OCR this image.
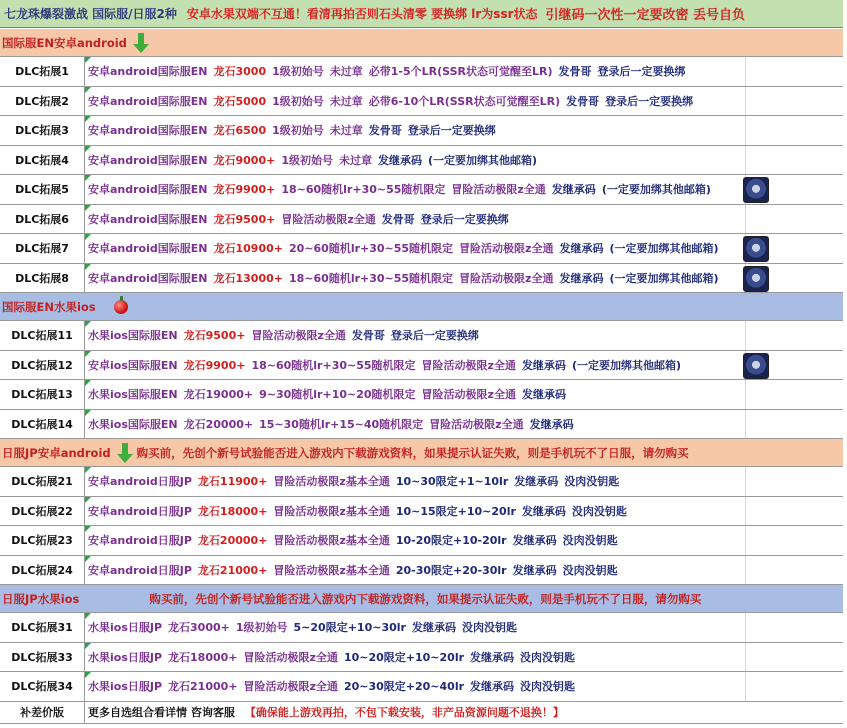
七龙珠爆裂激战 国际服/日服2种 安卓水果双端不互通！看清再拍否则石头清零 要换绑 lr为ssr状态 引继码一次性一定要改密 丢号自负
国际服EN安卓android
DLC拓展1	安卓android国际服EN 龙石3000 1级初始号 未过章 必带1-5个LR(SSR状态可觉醒至LR) 发骨哥 登录后一定要换绑
DLC拓展2	安卓android国际服EN 龙石5000 1级初始号 未过章 必带6-10个LR(SSR状态可觉醒至LR) 发骨哥 登录后一定要换绑
DLC拓展3	安卓android国际服EN 龙石6500 1级初始号 未过章 发骨哥 登录后一定要换绑
DLC拓展4	安卓android国际服EN 龙石9000+ 1级初始号 未过章 发继承码 (一定要加绑其他邮箱)
DLC拓展5	安卓android国际服EN 龙石9900+ 18~60随机lr+30~55随机限定 冒险活动极限z全通 发继承码 (一定要加绑其他邮箱)
DLC拓展6	安卓android国际服EN 龙石9500+ 冒险活动极限z全通 发骨哥 登录后一定要换绑
DLC拓展7	安卓android国际服EN 龙石10900+ 20~60随机lr+30~55随机限定 冒险活动极限z全通 发继承码 (一定要加绑其他邮箱)
DLC拓展8	安卓android国际服EN 龙石13000+ 18~60随机lr+30~55随机限定 冒险活动极限z全通 发继承码 (一定要加绑其他邮箱)
国际服EN水果ios
DLC拓展11	水果ios国际服EN 龙石9500+ 冒险活动极限z全通 发骨哥 登录后一定要换绑
DLC拓展12	安卓ios国际服EN 龙石9900+ 18~60随机lr+30~55随机限定 冒险活动极限z全通 发继承码 (一定要加绑其他邮箱)
DLC拓展13	水果ios国际服EN 龙石19000+ 9~30随机lr+10~20随机限定 冒险活动极限z全通 发继承码
DLC拓展14	水果ios国际服EN 龙石20000+ 15~30随机lr+15~40随机限定 冒险活动极限z全通 发继承码
日服JP安卓android 购买前，先创个新号试验能否进入游戏内下载游戏资料，如果提示认证失败，则是手机玩不了日服，请勿购买
DLC拓展21	安卓android日服JP 龙石11900+ 冒险活动极限z基本全通 10~30限定+1~10lr 发继承码 没肉没钥匙
DLC拓展22	安卓android日服JP 龙石18000+ 冒险活动极限z基本全通 10~15限定+10~20lr 发继承码 没肉没钥匙
DLC拓展23	安卓android日服JP 龙石20000+ 冒险活动极限z基本全通 10-20限定+10-20lr 发继承码 没肉没钥匙
DLC拓展24	安卓android日服JP 龙石21000+ 冒险活动极限z基本全通 20-30限定+20-30lr 发继承码 没肉没钥匙
日服JP水果ios	购买前，先创个新号试验能否进入游戏内下载游戏资料，如果提示认证失败，则是手机玩不了日服，请勿购买
DLC拓展31	水果ios日服JP 龙石3000+ 1级初始号 5~20限定+10~30lr 发继承码 没肉没钥匙
DLC拓展33	水果ios日服JP 龙石18000+ 冒险活动极限z全通 10~20限定+10~20lr 发继承码 没肉没钥匙
DLC拓展34	水果ios日服JP 龙石21000+ 冒险活动极限z全通 20~30限定+20~40lr 发继承码 没肉没钥匙
补差价版	更多自选组合看详情 咨询客服 【确保能上游戏再拍，不包下载安装，非产品资源问题不退换！】
